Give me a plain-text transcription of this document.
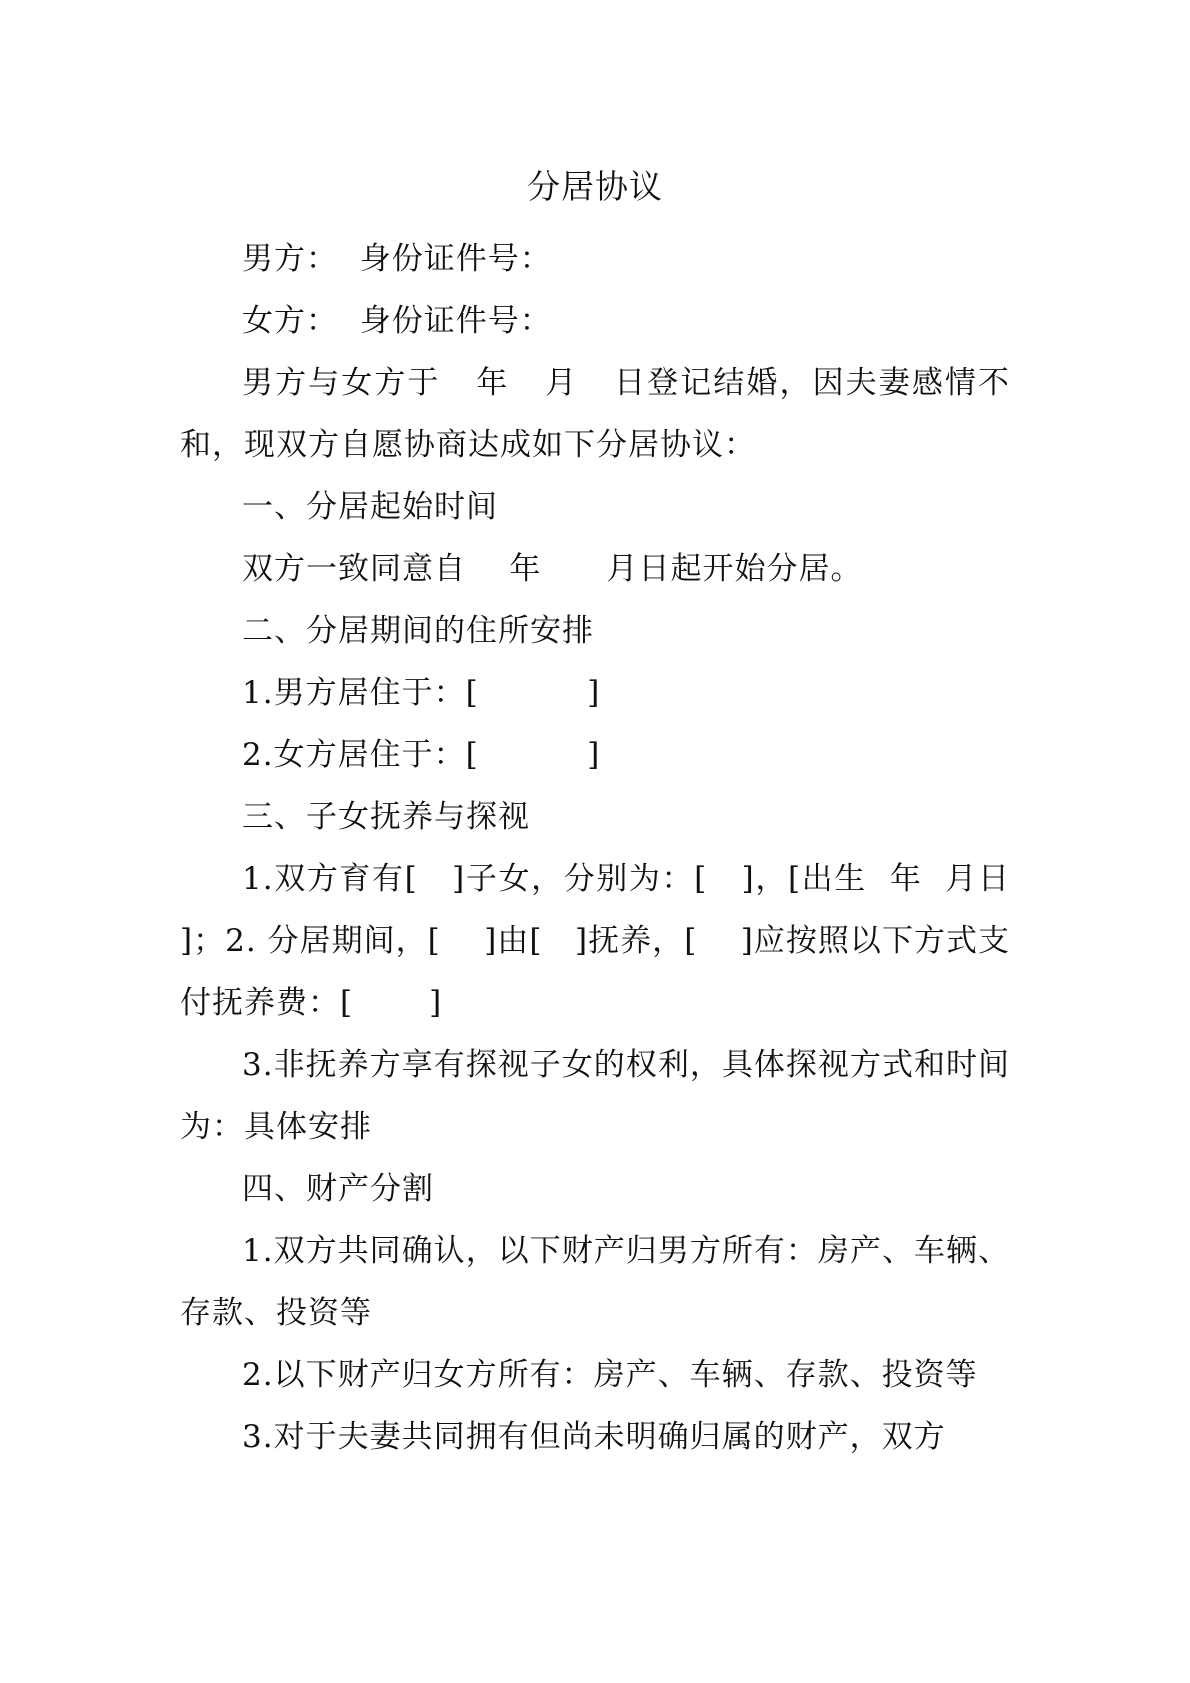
分居协议

男方：  身份证件号：

女方：  身份证件号：

男方与女方于   年   月   日登记结婚，因夫妻感情不和，现双方自愿协商达成如下分居协议：

一、分居起始时间

双方一致同意自    年      月日起开始分居。

二、分居期间的住所安排

1.男方居住于：[          ]

2.女方居住于：[          ]

三、子女抚养与探视

1.双方育有[   ]子女，分别为：[   ]，[出生  年  月日 ]；2. 分居期间，[    ]由[   ]抚养，[    ]应按照以下方式支付抚养费：[       ]

3.非抚养方享有探视子女的权利，具体探视方式和时间为：具体安排

四、财产分割

1.双方共同确认，以下财产归男方所有：房产、车辆、存款、投资等

2.以下财产归女方所有：房产、车辆、存款、投资等

3.对于夫妻共同拥有但尚未明确归属的财产，双方
